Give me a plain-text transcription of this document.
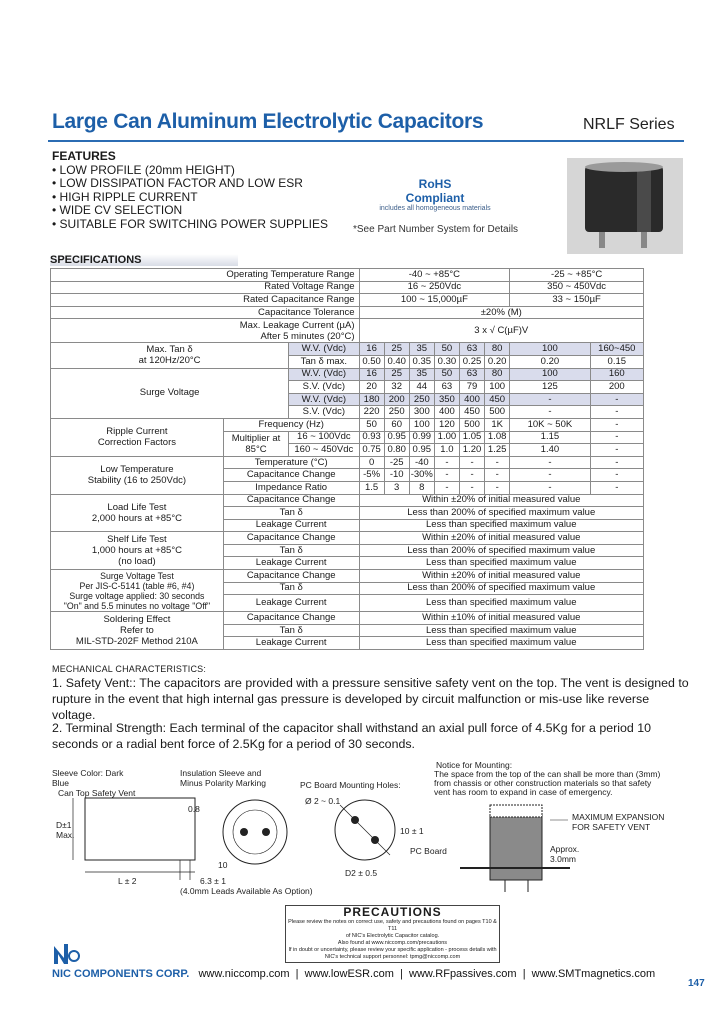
Large Can Aluminum Electrolytic Capacitors	NRLF Series
FEATURES
• LOW PROFILE (20mm HEIGHT)
• LOW DISSIPATION FACTOR AND LOW ESR
• HIGH RIPPLE CURRENT
• WIDE CV SELECTION
• SUITABLE FOR SWITCHING POWER SUPPLIES
RoHS
Compliant
includes all homogeneous materials
*See Part Number System for Details
SPECIFICATIONS
Operating Temperature Range			-40 ~ +85°C						-25 ~ +85°C	
Rated Voltage Range			16 ~ 250Vdc						350 ~ 450Vdc	
Rated Capacitance Range			100 ~ 15,000µF						33 ~ 150µF	
Capacitance Tolerance			±20% (M)							
Max. Leakage Current (µA)
After 5 minutes (20°C)			3 x √ C(µF)V							
Max. Tan δ
at 120Hz/20°C		W.V. (Vdc)	16	25	35	50	63	80	100	160~450
		Tan δ max.	0.50	0.40	0.35	0.30	0.25	0.20	0.20	0.15
Surge Voltage		W.V. (Vdc)	16	25	35	50	63	80	100	160
		S.V. (Vdc)	20	32	44	63	79	100	125	200
		W.V. (Vdc)	180	200	250	350	400	450	-	-
		S.V. (Vdc)	220	250	300	400	450	500	-	-
Ripple Current
Correction Factors	Frequency (Hz)		50	60	100	120	500	1K	10K ~ 50K	-
	Multiplier at
85°C	16 ~ 100Vdc	0.93	0.95	0.99	1.00	1.05	1.08	1.15	-
		160 ~ 450Vdc	0.75	0.80	0.95	1.0	1.20	1.25	1.40	-
Low Temperature
Stability (16 to 250Vdc)	Temperature (°C)		0	-25	-40	-	-	-	-	-
	Capacitance Change		-5%	-10	-30%	-	-	-	-	-
	Impedance Ratio		1.5	3	8	-	-	-	-	-
Load Life Test
2,000 hours at +85°C	Capacitance Change		Within ±20% of initial measured value							
	Tan δ		Less than 200% of specified maximum value							
	Leakage Current		Less than specified maximum value							
Shelf Life Test
1,000 hours at +85°C
(no load)	Capacitance Change		Within ±20% of initial measured value							
	Tan δ		Less than 200% of specified maximum value							
	Leakage Current		Less than specified maximum value							
Surge Voltage Test
Per JIS-C-5141 (table #6, #4)
Surge voltage applied: 30 seconds
"On" and 5.5 minutes no voltage "Off"	Capacitance Change		Within ±20% of initial measured value							
	Tan δ		Less than 200% of specified maximum value							
	Leakage Current		Less than specified maximum value							
Soldering Effect
Refer to
MIL-STD-202F Method 210A	Capacitance Change		Within ±10% of initial measured value							
	Tan δ		Less than specified maximum value							
	Leakage Current		Less than specified maximum value							
MECHANICAL CHARACTERISTICS:
1. Safety Vent:: The capacitors are provided with a pressure sensitive safety vent on the top. The vent is designed to rupture in the event that high internal gas pressure is developed by circuit malfunction or mis-use like reverse voltage.
2. Terminal Strength: Each terminal of the capacitor shall withstand an axial pull force of 4.5Kg for a period 10 seconds or a radial bent force of 2.5Kg for a period of 30 seconds.
Sleeve Color: Dark
Blue
Can Top Safety Vent
D±1
Max.
L ± 2
Insulation Sleeve and
Minus Polarity Marking
0.8
10
6.3 ± 1
(4.0mm Leads Available As Option)
PC Board Mounting Holes:
Ø 2 ~ 0.1
10 ± 1
D2 ± 0.5
Notice for Mounting:
The space from the top of the can shall be more than (3mm)
from chassis or other construction materials so that safety
vent has room to expand in case of emergency.
MAXIMUM EXPANSION
FOR SAFETY VENT
PC Board	Approx.
3.0mm
PRECAUTIONS
Please review the notes on correct use, safety and precautions found on pages T10 & T11
of NIC's Electrolytic Capacitor catalog.
Also found at www.niccomp.com/precautions
If in doubt or uncertainty, please review your specific application - process details with
NIC's technical support personnel: tpmg@niccomp.com
NIC COMPONENTS CORP. www.niccomp.com  |  www.lowESR.com  |  www.RFpassives.com  |  www.SMTmagnetics.com
147
